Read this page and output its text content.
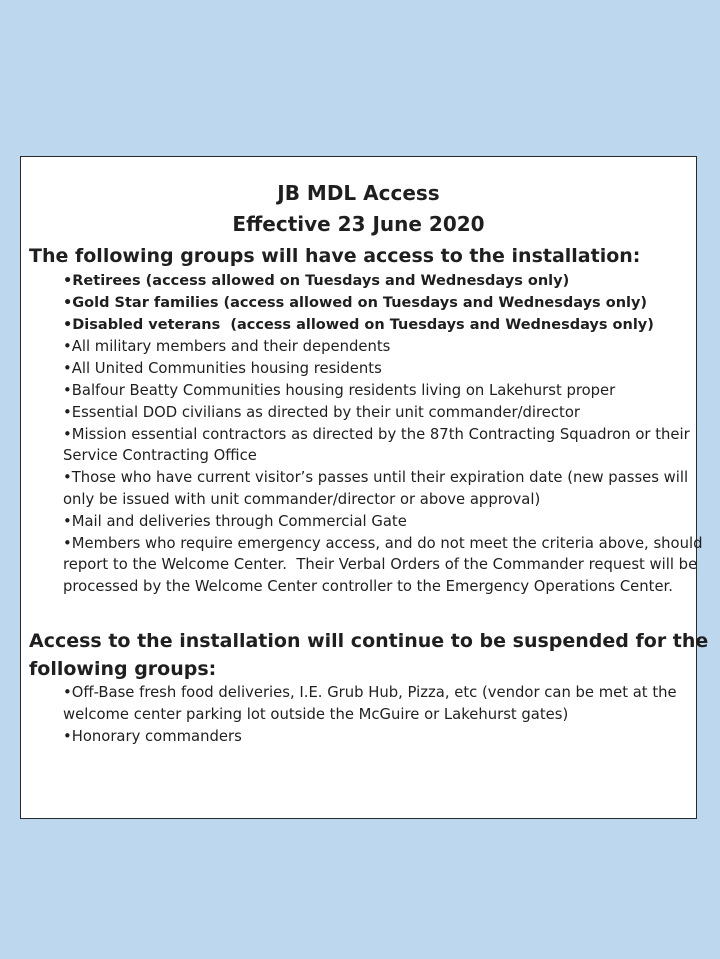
JB MDL Access
Effective 23 June 2020
The following groups will have access to the installation:
•Retirees (access allowed on Tuesdays and Wednesdays only)
•Gold Star families (access allowed on Tuesdays and Wednesdays only)
•Disabled veterans  (access allowed on Tuesdays and Wednesdays only)
•All military members and their dependents
•All United Communities housing residents
•Balfour Beatty Communities housing residents living on Lakehurst proper
•Essential DOD civilians as directed by their unit commander/director
•Mission essential contractors as directed by the 87th Contracting Squadron or their
Service Contracting Office
•Those who have current visitor’s passes until their expiration date (new passes will
only be issued with unit commander/director or above approval)
•Mail and deliveries through Commercial Gate
•Members who require emergency access, and do not meet the criteria above, should
report to the Welcome Center.  Their Verbal Orders of the Commander request will be
processed by the Welcome Center controller to the Emergency Operations Center.
Access to the installation will continue to be suspended for the
following groups:
•Off-Base fresh food deliveries, I.E. Grub Hub, Pizza, etc (vendor can be met at the
welcome center parking lot outside the McGuire or Lakehurst gates)
•Honorary commanders
